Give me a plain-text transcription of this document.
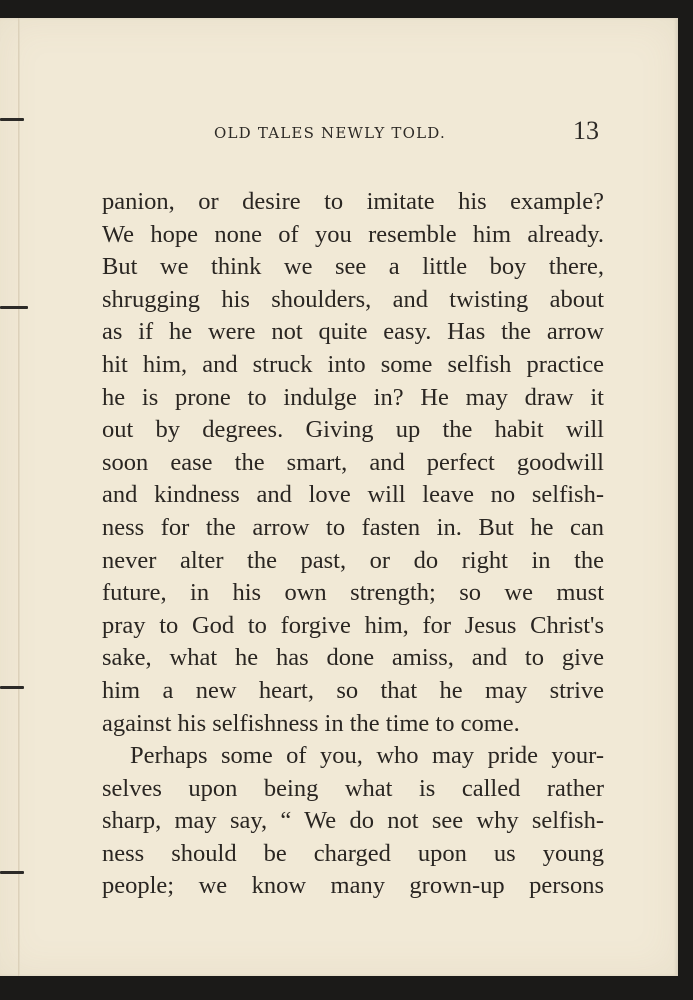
OLD TALES NEWLY TOLD.	13
panion, or desire to imitate his example?
We hope none of you resemble him already.
But we think we see a little boy there,
shrugging his shoulders, and twisting about
as if he were not quite easy. Has the arrow
hit him, and struck into some selfish practice
he is prone to indulge in? He may draw it
out by degrees. Giving up the habit will
soon ease the smart, and perfect goodwill
and kindness and love will leave no selfish-
ness for the arrow to fasten in. But he can
never alter the past, or do right in the
future, in his own strength; so we must
pray to God to forgive him, for Jesus Christ's
sake, what he has done amiss, and to give
him a new heart, so that he may strive
against his selfishness in the time to come.
Perhaps some of you, who may pride your-
selves upon being what is called rather
sharp, may say, “ We do not see why selfish-
ness should be charged upon us young
people; we know many grown-up persons
